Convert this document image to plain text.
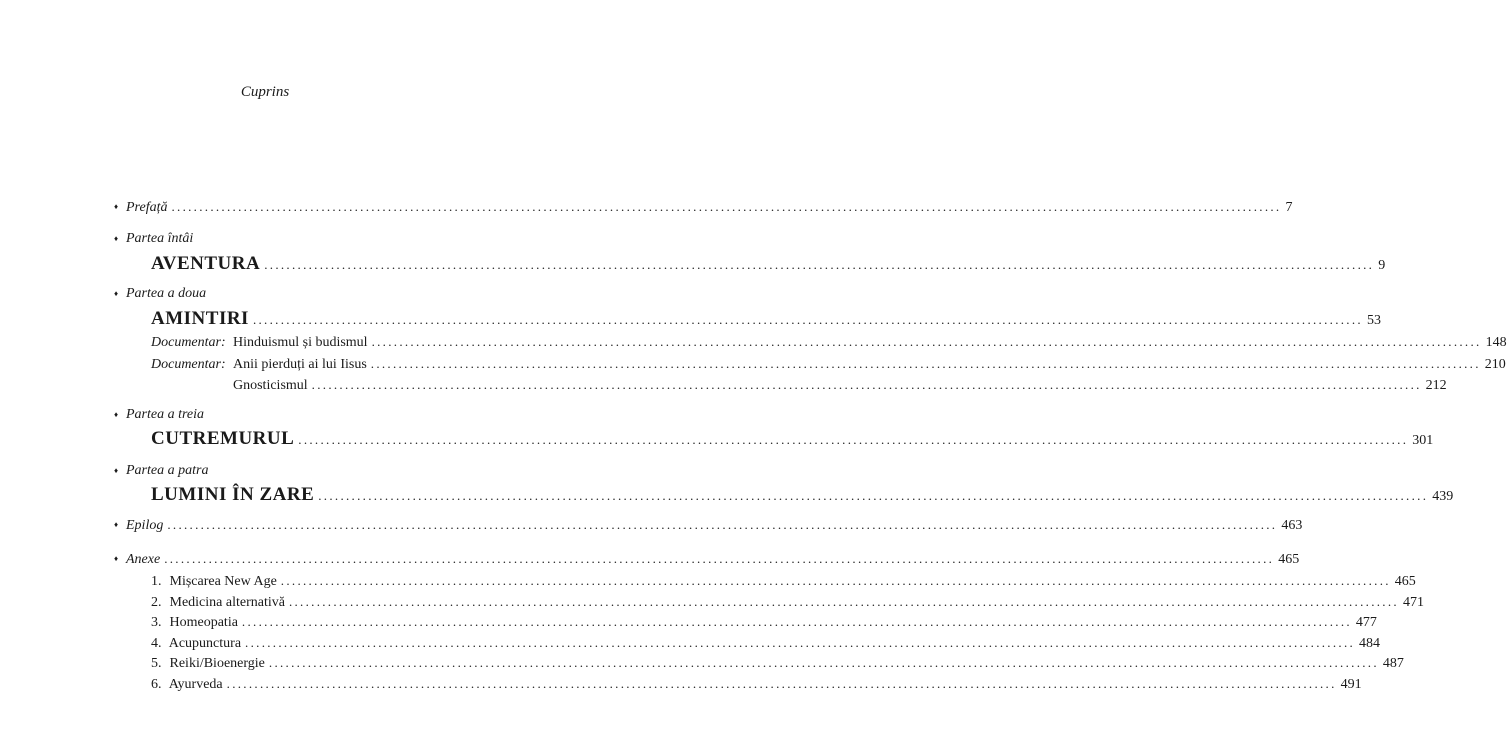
Cuprins
♦ Prefață ........................................................................................................................................................................................................ 7
♦ Partea întâi
AVENTURA ........................................................................................................................................................................................................ 9
♦ Partea a doua
AMINTIRI ........................................................................................................................................................................................................ 53
Documentar: Hinduismul și budismul ........................................................................................................................................................................................................ 148
Documentar: Anii pierduți ai lui Iisus ........................................................................................................................................................................................................ 210
Gnosticismul ........................................................................................................................................................................................................ 212
♦ Partea a treia
CUTREMURUL ........................................................................................................................................................................................................ 301
♦ Partea a patra
LUMINI ÎN ZARE ........................................................................................................................................................................................................ 439
♦ Epilog ........................................................................................................................................................................................................ 463
♦ Anexe ........................................................................................................................................................................................................ 465
1. Mișcarea New Age ........................................................................................................................................................................................................ 465
2. Medicina alternativă ........................................................................................................................................................................................................ 471
3. Homeopatia ........................................................................................................................................................................................................ 477
4. Acupunctura ........................................................................................................................................................................................................ 484
5. Reiki/Bioenergie ........................................................................................................................................................................................................ 487
6. Ayurveda ........................................................................................................................................................................................................ 491
